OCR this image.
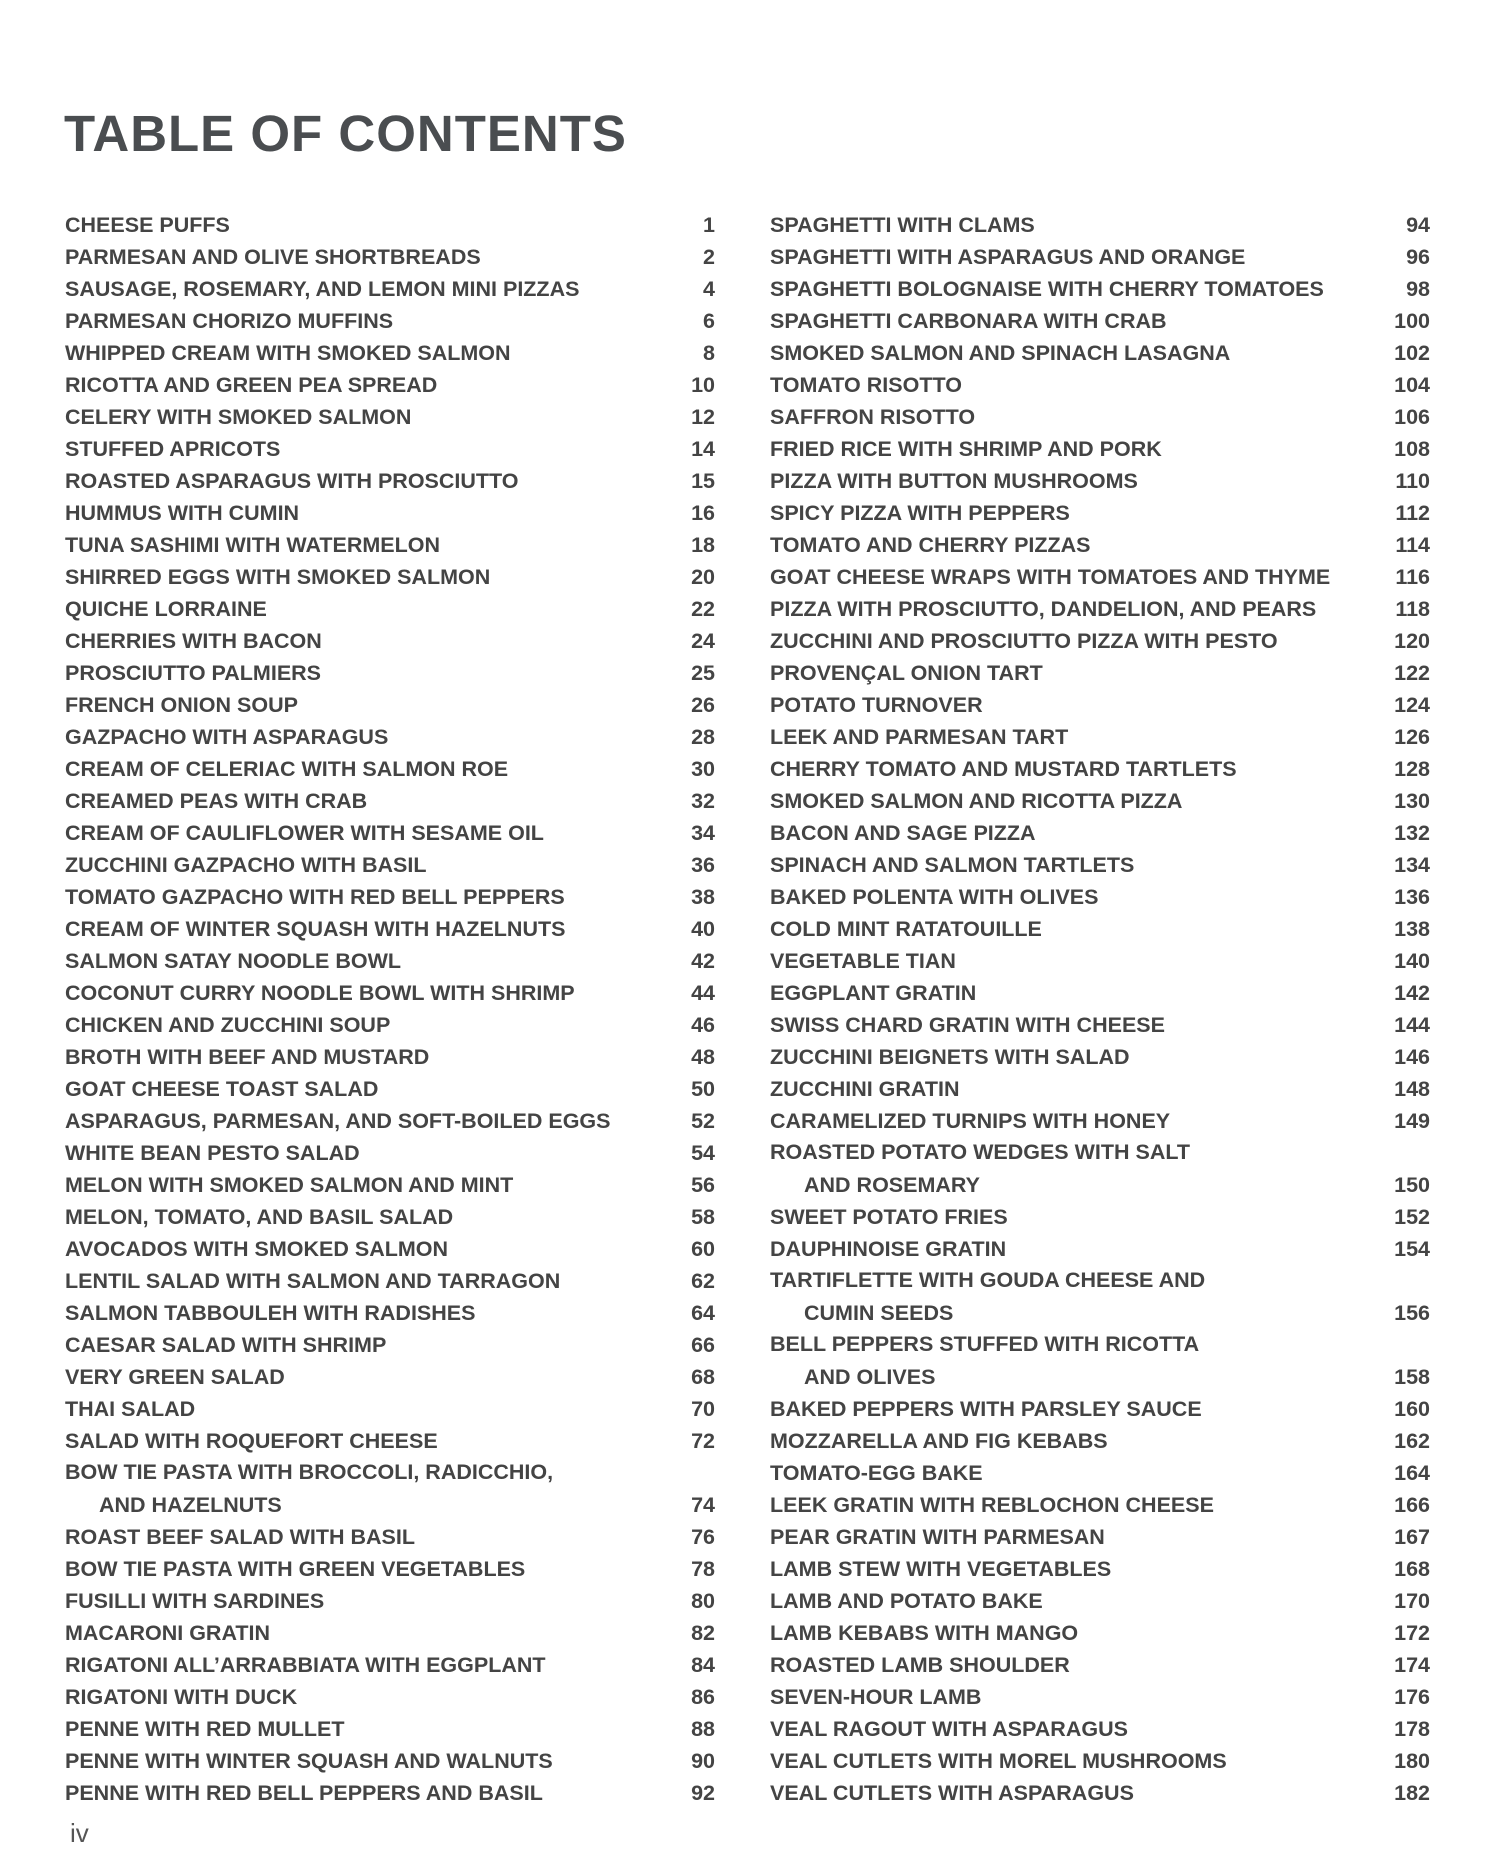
TABLE OF CONTENTS
CHEESE PUFFS	1
PARMESAN AND OLIVE SHORTBREADS	2
SAUSAGE, ROSEMARY, AND LEMON MINI PIZZAS	4
PARMESAN CHORIZO MUFFINS	6
WHIPPED CREAM WITH SMOKED SALMON	8
RICOTTA AND GREEN PEA SPREAD	10
CELERY WITH SMOKED SALMON	12
STUFFED APRICOTS	14
ROASTED ASPARAGUS WITH PROSCIUTTO	15
HUMMUS WITH CUMIN	16
TUNA SASHIMI WITH WATERMELON	18
SHIRRED EGGS WITH SMOKED SALMON	20
QUICHE LORRAINE	22
CHERRIES WITH BACON	24
PROSCIUTTO PALMIERS	25
FRENCH ONION SOUP	26
GAZPACHO WITH ASPARAGUS	28
CREAM OF CELERIAC WITH SALMON ROE	30
CREAMED PEAS WITH CRAB	32
CREAM OF CAULIFLOWER WITH SESAME OIL	34
ZUCCHINI GAZPACHO WITH BASIL	36
TOMATO GAZPACHO WITH RED BELL PEPPERS	38
CREAM OF WINTER SQUASH WITH HAZELNUTS	40
SALMON SATAY NOODLE BOWL	42
COCONUT CURRY NOODLE BOWL WITH SHRIMP	44
CHICKEN AND ZUCCHINI SOUP	46
BROTH WITH BEEF AND MUSTARD	48
GOAT CHEESE TOAST SALAD	50
ASPARAGUS, PARMESAN, AND SOFT-BOILED EGGS	52
WHITE BEAN PESTO SALAD	54
MELON WITH SMOKED SALMON AND MINT	56
MELON, TOMATO, AND BASIL SALAD	58
AVOCADOS WITH SMOKED SALMON	60
LENTIL SALAD WITH SALMON AND TARRAGON	62
SALMON TABBOULEH WITH RADISHES	64
CAESAR SALAD WITH SHRIMP	66
VERY GREEN SALAD	68
THAI SALAD	70
SALAD WITH ROQUEFORT CHEESE	72
BOW TIE PASTA WITH BROCCOLI, RADICCHIO,
AND HAZELNUTS	74
ROAST BEEF SALAD WITH BASIL	76
BOW TIE PASTA WITH GREEN VEGETABLES	78
FUSILLI WITH SARDINES	80
MACARONI GRATIN	82
RIGATONI ALL’ARRABBIATA WITH EGGPLANT	84
RIGATONI WITH DUCK	86
PENNE WITH RED MULLET	88
PENNE WITH WINTER SQUASH AND WALNUTS	90
PENNE WITH RED BELL PEPPERS AND BASIL	92
SPAGHETTI WITH CLAMS	94
SPAGHETTI WITH ASPARAGUS AND ORANGE	96
SPAGHETTI BOLOGNAISE WITH CHERRY TOMATOES	98
SPAGHETTI CARBONARA WITH CRAB	100
SMOKED SALMON AND SPINACH LASAGNA	102
TOMATO RISOTTO	104
SAFFRON RISOTTO	106
FRIED RICE WITH SHRIMP AND PORK	108
PIZZA WITH BUTTON MUSHROOMS	110
SPICY PIZZA WITH PEPPERS	112
TOMATO AND CHERRY PIZZAS	114
GOAT CHEESE WRAPS WITH TOMATOES AND THYME	116
PIZZA WITH PROSCIUTTO, DANDELION, AND PEARS	118
ZUCCHINI AND PROSCIUTTO PIZZA WITH PESTO	120
PROVENÇAL ONION TART	122
POTATO TURNOVER	124
LEEK AND PARMESAN TART	126
CHERRY TOMATO AND MUSTARD TARTLETS	128
SMOKED SALMON AND RICOTTA PIZZA	130
BACON AND SAGE PIZZA	132
SPINACH AND SALMON TARTLETS	134
BAKED POLENTA WITH OLIVES	136
COLD MINT RATATOUILLE	138
VEGETABLE TIAN	140
EGGPLANT GRATIN	142
SWISS CHARD GRATIN WITH CHEESE	144
ZUCCHINI BEIGNETS WITH SALAD	146
ZUCCHINI GRATIN	148
CARAMELIZED TURNIPS WITH HONEY	149
ROASTED POTATO WEDGES WITH SALT
AND ROSEMARY	150
SWEET POTATO FRIES	152
DAUPHINOISE GRATIN	154
TARTIFLETTE WITH GOUDA CHEESE AND
CUMIN SEEDS	156
BELL PEPPERS STUFFED WITH RICOTTA
AND OLIVES	158
BAKED PEPPERS WITH PARSLEY SAUCE	160
MOZZARELLA AND FIG KEBABS	162
TOMATO-EGG BAKE	164
LEEK GRATIN WITH REBLOCHON CHEESE	166
PEAR GRATIN WITH PARMESAN	167
LAMB STEW WITH VEGETABLES	168
LAMB AND POTATO BAKE	170
LAMB KEBABS WITH MANGO	172
ROASTED LAMB SHOULDER	174
SEVEN-HOUR LAMB	176
VEAL RAGOUT WITH ASPARAGUS	178
VEAL CUTLETS WITH MOREL MUSHROOMS	180
VEAL CUTLETS WITH ASPARAGUS	182
iv
